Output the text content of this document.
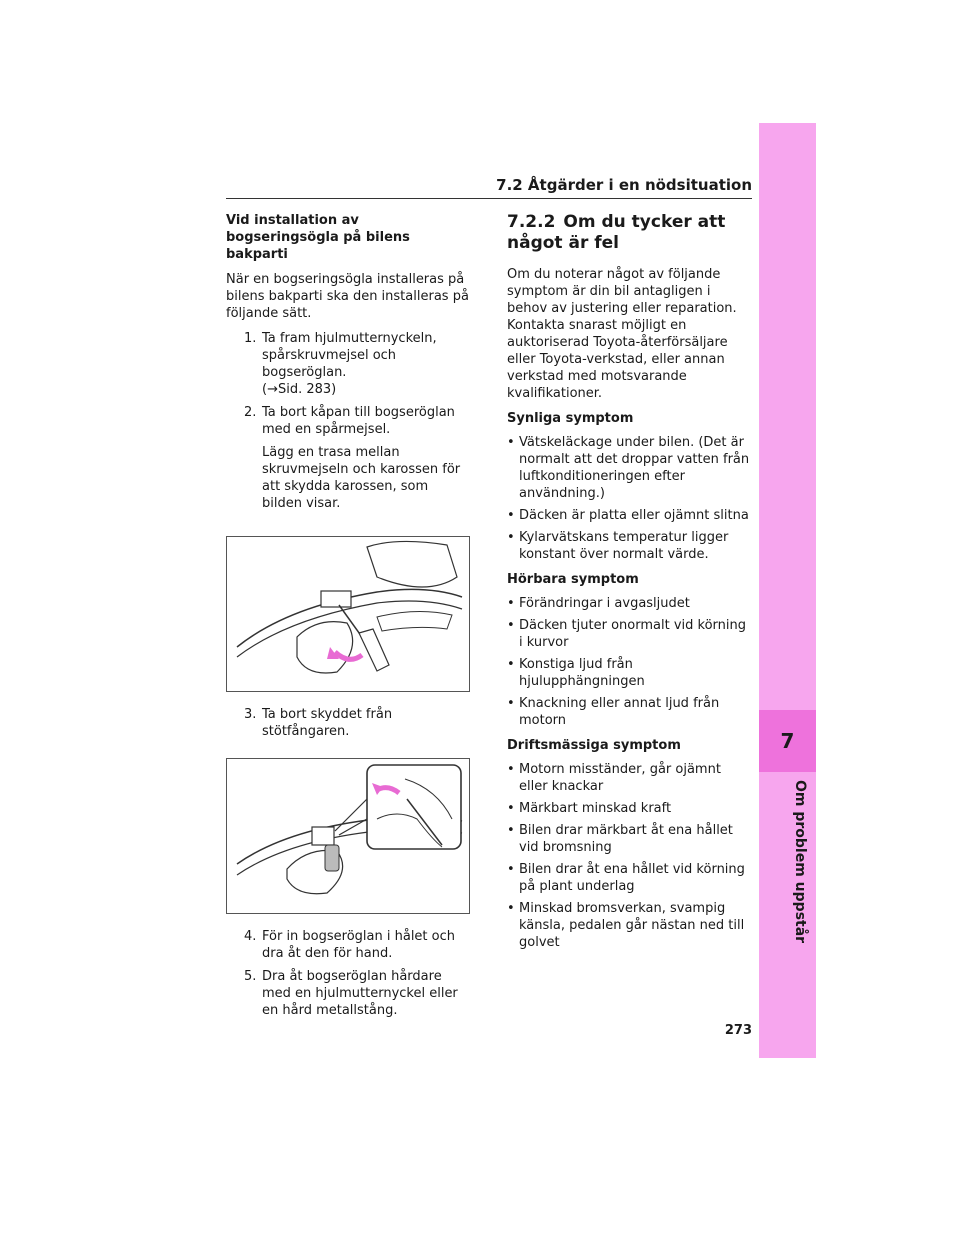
7.2 Åtgärder i en nödsituation
Vid installation av bogseringsögla på bilens bakparti

När en bogseringsögla installeras på bilens bakparti ska den installeras på följande sätt.

1. Ta fram hjulmutternyckeln, spårskruvmejsel och bogseröglan.
(→Sid. 283)
2. Ta bort kåpan till bogseröglan med en spårmejsel.

Lägg en trasa mellan skruvmejseln och karossen för att skydda karossen, som bilden visar.

3. Ta bort skyddet från stötfångaren.
4. För in bogseröglan i hålet och dra åt den för hand.
5. Dra åt bogseröglan hårdare med en hjulmutternyckel eller en hård metallstång.
7.2.2 Om du tycker att något är fel

Om du noterar något av följande symptom är din bil antagligen i behov av justering eller reparation. Kontakta snarast möjligt en auktoriserad Toyota-återförsäljare eller Toyota-verkstad, eller annan verkstad med motsvarande kvalifikationer.

Synliga symptom
• Vätskeläckage under bilen. (Det är normalt att det droppar vatten från luftkonditioneringen efter användning.)
• Däcken är platta eller ojämnt slitna
• Kylarvätskans temperatur ligger konstant över normalt värde.
Hörbara symptom
• Förändringar i avgasljudet
• Däcken tjuter onormalt vid körning i kurvor
• Konstiga ljud från hjulupphängningen
• Knackning eller annat ljud från motorn
Driftsmässiga symptom
• Motorn misständer, går ojämnt eller knackar
• Märkbart minskad kraft
• Bilen drar märkbart åt ena hållet vid bromsning
• Bilen drar åt ena hållet vid körning på plant underlag
• Minskad bromsverkan, svampig känsla, pedalen går nästan ned till golvet
7
Om problem uppstår
273
